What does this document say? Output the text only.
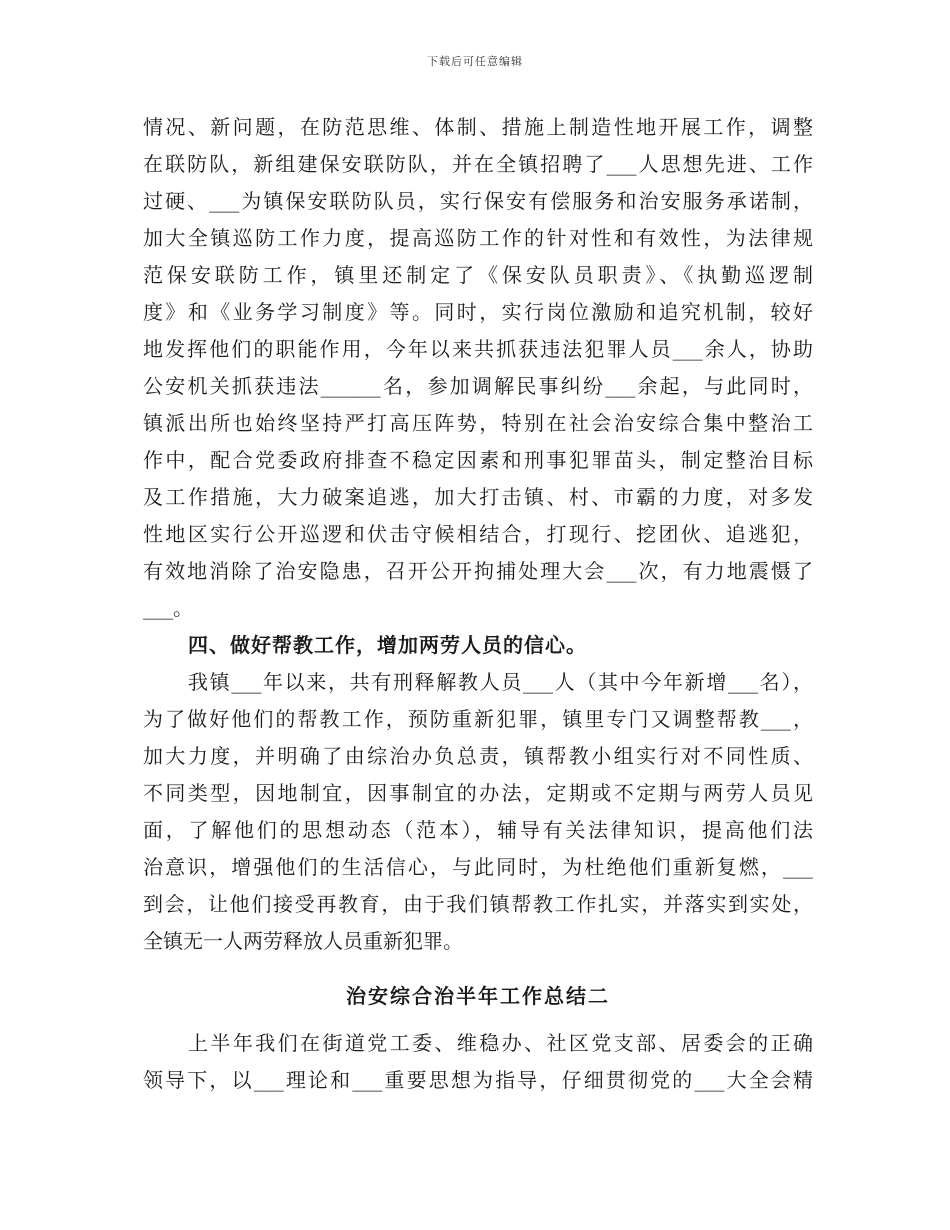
下载后可任意编辑
情况、新问题，在防范思维、体制、措施上制造性地开展工作，调整
在联防队，新组建保安联防队，并在全镇招聘了___人思想先进、工作
过硬、___为镇保安联防队员，实行保安有偿服务和治安服务承诺制，
加大全镇巡防工作力度，提高巡防工作的针对性和有效性，为法律规
范保安联防工作，镇里还制定了《保安队员职责》、《执勤巡逻制
度》和《业务学习制度》等。同时，实行岗位激励和追究机制，较好
地发挥他们的职能作用，今年以来共抓获违法犯罪人员___余人，协助
公安机关抓获违法______名，参加调解民事纠纷___余起，与此同时，
镇派出所也始终坚持严打高压阵势，特别在社会治安综合集中整治工
作中，配合党委政府排查不稳定因素和刑事犯罪苗头，制定整治目标
及工作措施，大力破案追逃，加大打击镇、村、市霸的力度，对多发
性地区实行公开巡逻和伏击守候相结合，打现行、挖团伙、追逃犯，
有效地消除了治安隐患，召开公开拘捕处理大会___次，有力地震慑了
___。
四、做好帮教工作，增加两劳人员的信心。
我镇___年以来，共有刑释解教人员___人（其中今年新增___名），
为了做好他们的帮教工作，预防重新犯罪，镇里专门又调整帮教___，
加大力度，并明确了由综治办负总责，镇帮教小组实行对不同性质、
不同类型，因地制宜，因事制宜的办法，定期或不定期与两劳人员见
面，了解他们的思想动态（范本），辅导有关法律知识，提高他们法
治意识，增强他们的生活信心，与此同时，为杜绝他们重新复燃，___
到会，让他们接受再教育，由于我们镇帮教工作扎实，并落实到实处，
全镇无一人两劳释放人员重新犯罪。
治安综合治半年工作总结二
上半年我们在街道党工委、维稳办、社区党支部、居委会的正确
领导下，以___理论和___重要思想为指导，仔细贯彻党的___大全会精
